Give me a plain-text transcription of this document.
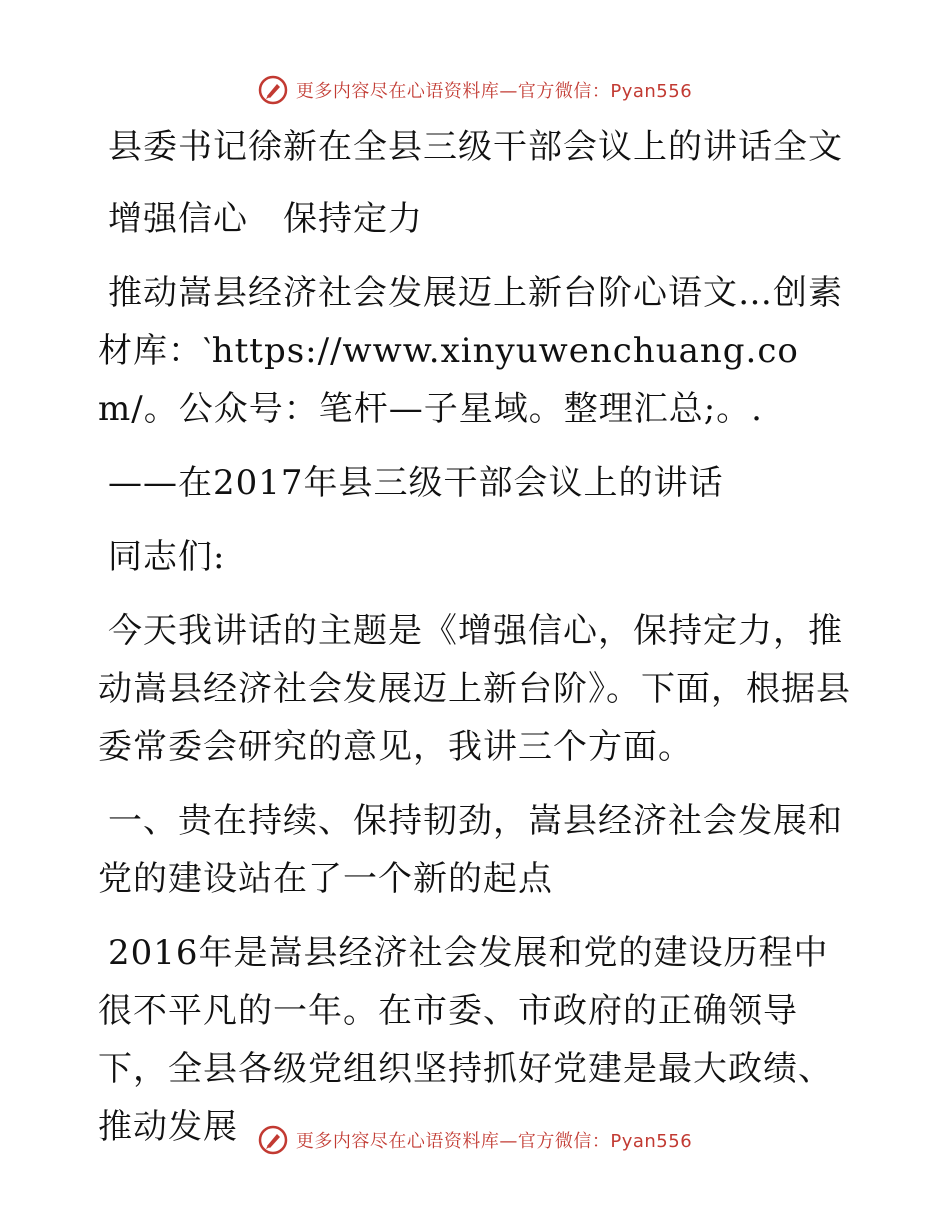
更多内容尽在心语资料库—官方微信：Pyan556

县委书记徐新在全县三级干部会议上的讲话全文

增强信心　保持定力

推动嵩县经济社会发展迈上新台阶心语文…创素材库：‵https://www.xinyuwenchuang.com/。公众号：笔杆—子星域。整理汇总;。.

——在2017年县三级干部会议上的讲话

同志们:

今天我讲话的主题是《增强信心，保持定力，推动嵩县经济社会发展迈上新台阶》。下面，根据县委常委会研究的意见，我讲三个方面。

一、贵在持续、保持韧劲，嵩县经济社会发展和党的建设站在了一个新的起点

2016年是嵩县经济社会发展和党的建设历程中很不平凡的一年。在市委、市政府的正确领导下，全县各级党组织坚持抓好党建是最大政绩、推动发展	更多内容尽在心语资料库—官方微信：Pyan556
